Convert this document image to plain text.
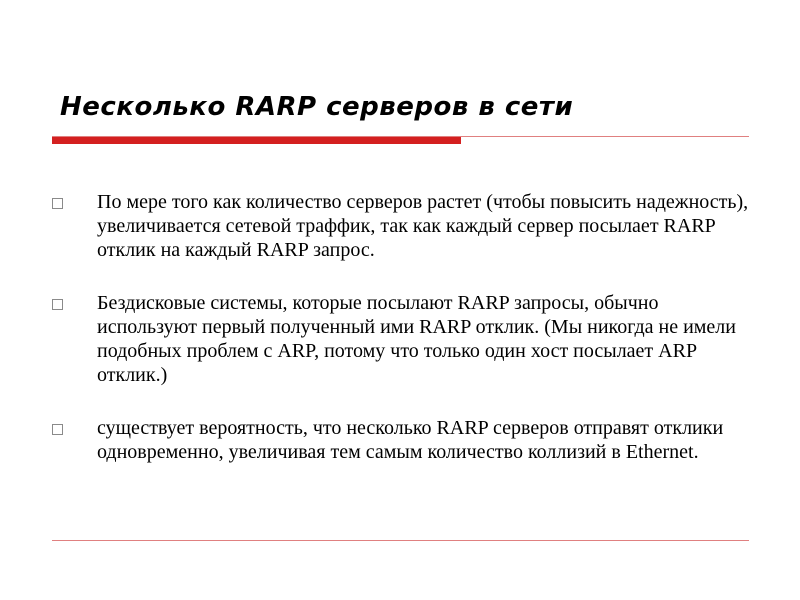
Несколько RARP серверов в сети
По мере того как количество серверов растет (чтобы повысить надежность), увеличивается сетевой траффик, так как каждый сервер посылает RARP отклик на каждый RARP запрос.
Бездисковые системы, которые посылают RARP запросы, обычно используют первый полученный ими RARP отклик. (Мы никогда не имели подобных проблем с ARP, потому что только один хост посылает ARP отклик.)
существует вероятность, что несколько RARP серверов отправят отклики одновременно, увеличивая тем самым количество коллизий в Ethernet.
